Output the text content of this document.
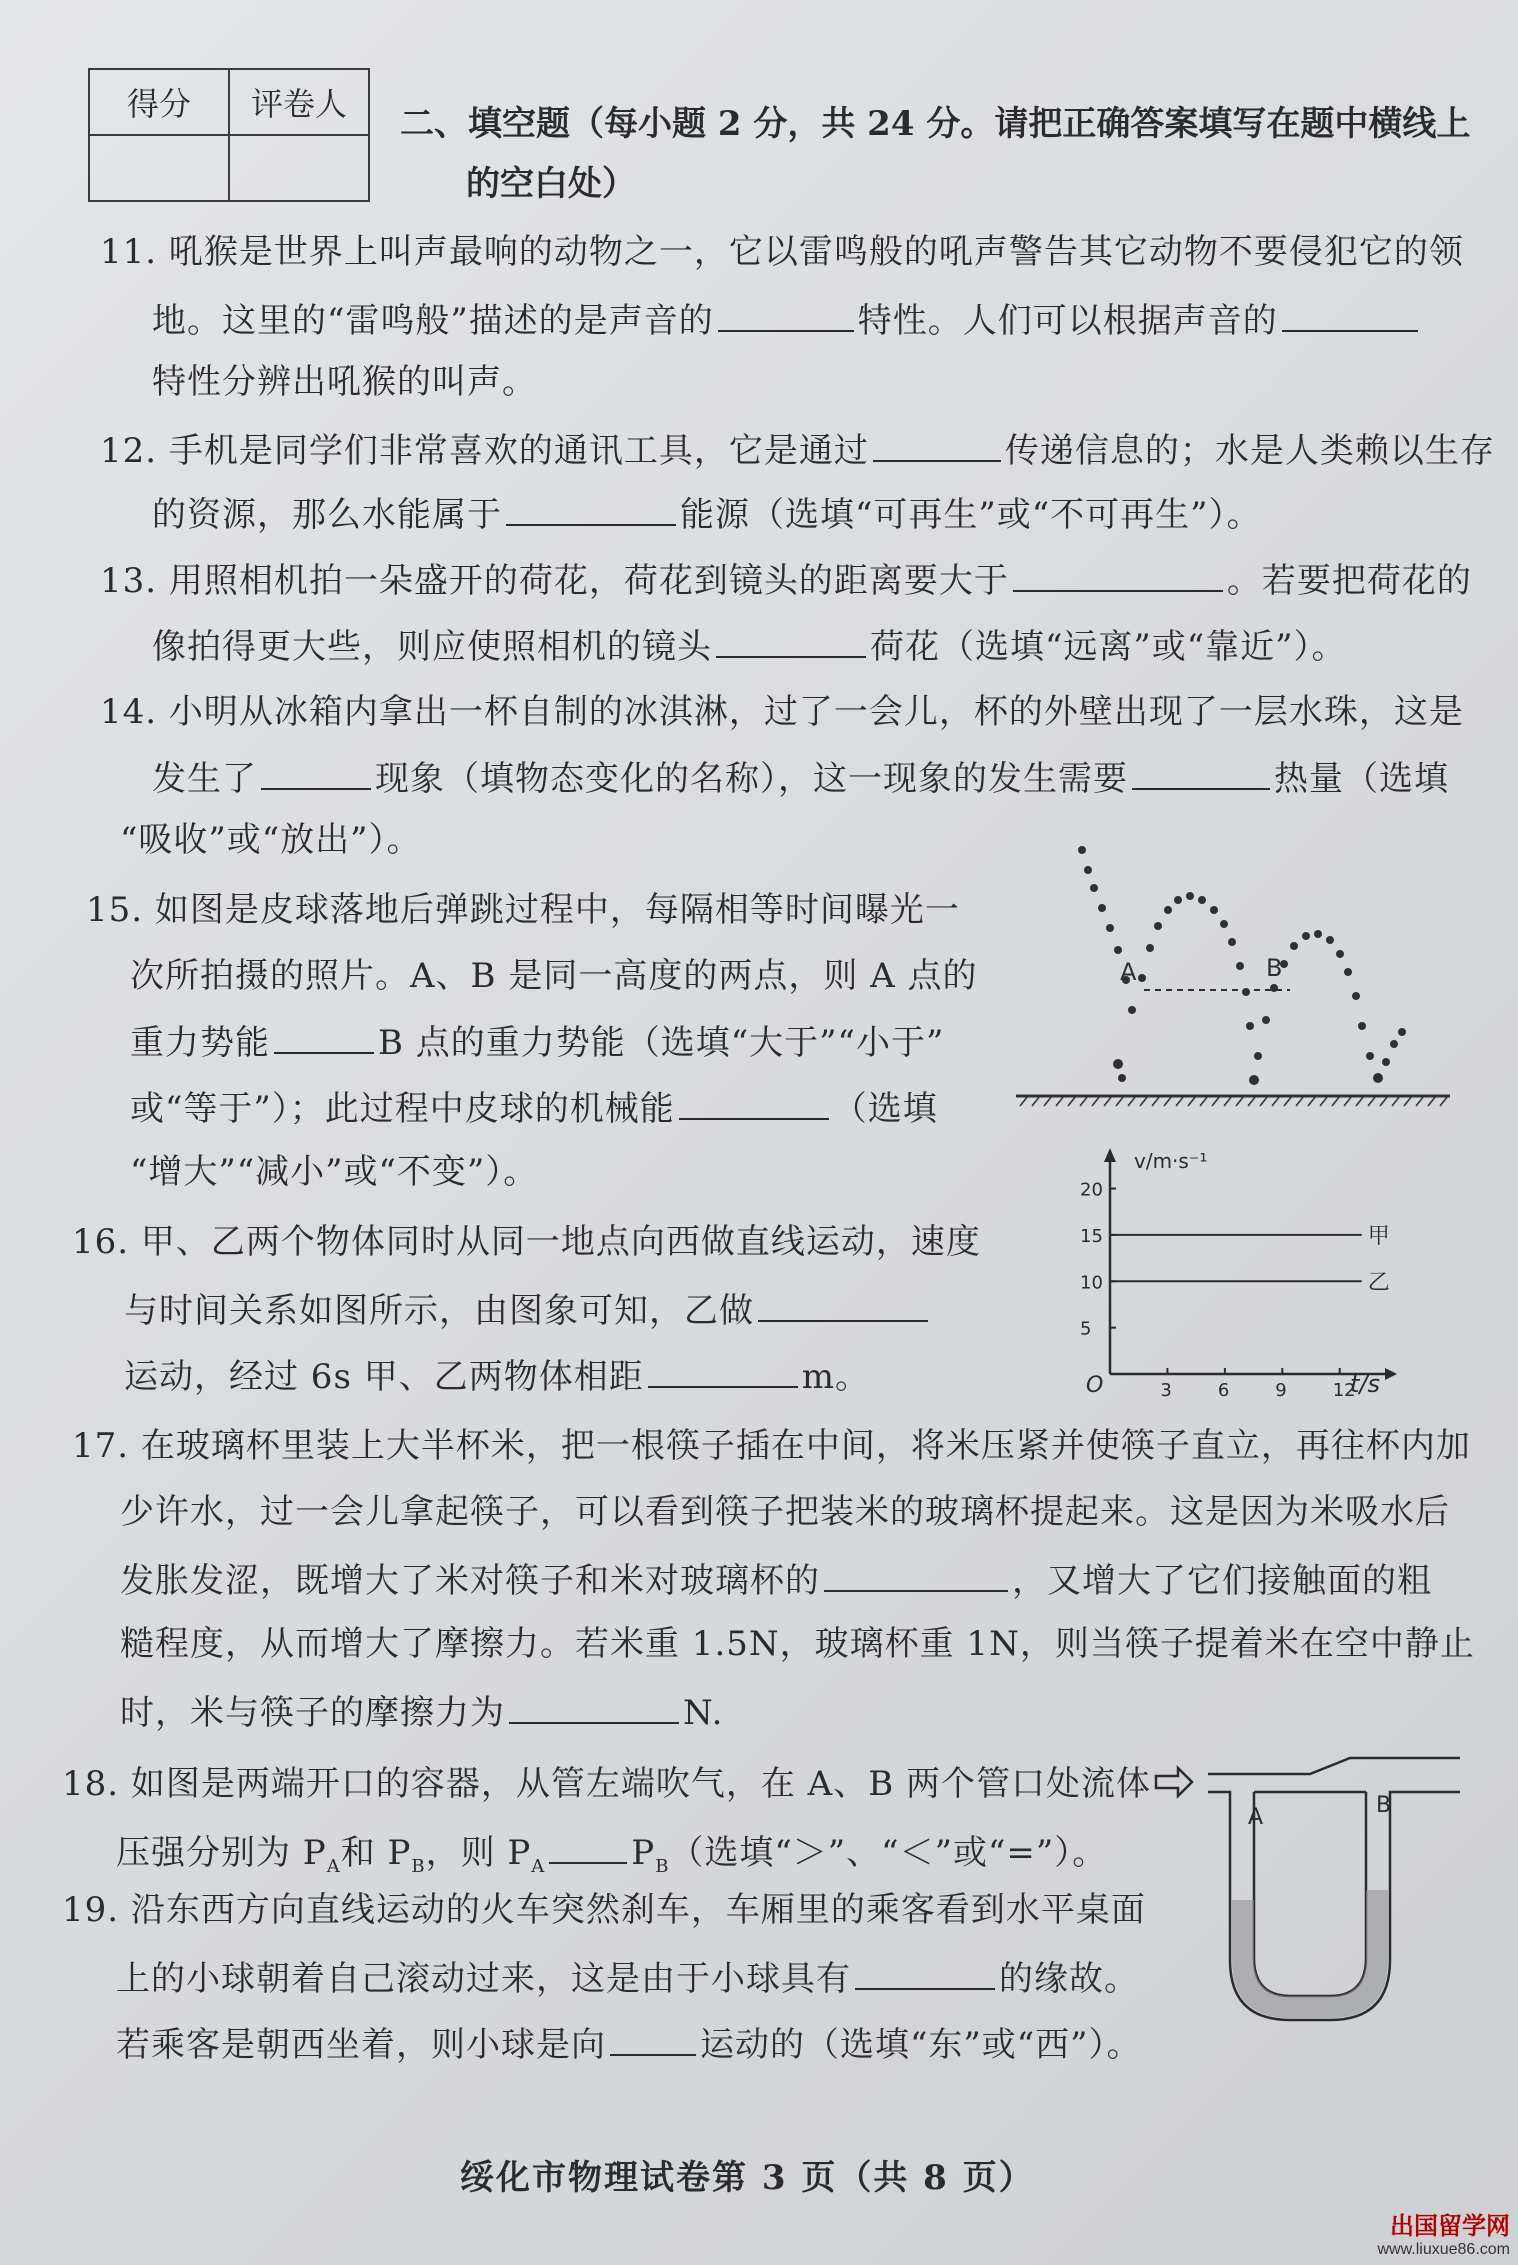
得分	评卷人
	二、填空题（每小题 2 分，共 24 分。请把正确答案填写在题中横线上
的空白处）
11. 吼猴是世界上叫声最响的动物之一，它以雷鸣般的吼声警告其它动物不要侵犯它的领
地。这里的“雷鸣般”描述的是声音的	特性。人们可以根据声音的
特性分辨出吼猴的叫声。
12. 手机是同学们非常喜欢的通讯工具，它是通过	传递信息的；水是人类赖以生存
的资源，那么水能属于	能源（选填“可再生”或“不可再生”）。
13. 用照相机拍一朵盛开的荷花，荷花到镜头的距离要大于	。若要把荷花的
像拍得更大些，则应使照相机的镜头	荷花（选填“远离”或“靠近”）。
14. 小明从冰箱内拿出一杯自制的冰淇淋，过了一会儿，杯的外壁出现了一层水珠，这是
发生了	现象（填物态变化的名称），这一现象的发生需要	热量（选填
“吸收”或“放出”）。
15. 如图是皮球落地后弹跳过程中，每隔相等时间曝光一
次所拍摄的照片。A、B 是同一高度的两点，则 A 点的
重力势能	B 点的重力势能（选填“大于”“小于”
或“等于”）；此过程中皮球的机械能	（选填
“增大”“减小”或“不变”）。
A	B
16. 甲、乙两个物体同时从同一地点向西做直线运动，速度
与时间关系如图所示，由图象可知，乙做
运动，经过 6s 甲、乙两物体相距	m。
v/m·s⁻¹
t/s
O	3	6	9	12
5
10
15
20
甲
乙
17. 在玻璃杯里装上大半杯米，把一根筷子插在中间，将米压紧并使筷子直立，再往杯内加
少许水，过一会儿拿起筷子，可以看到筷子把装米的玻璃杯提起来。这是因为米吸水后
发胀发涩，既增大了米对筷子和米对玻璃杯的	，又增大了它们接触面的粗
糙程度，从而增大了摩擦力。若米重 1.5N，玻璃杯重 1N，则当筷子提着米在空中静止
时，米与筷子的摩擦力为	N.
18. 如图是两端开口的容器，从管左端吹气，在 A、B 两个管口处流体
压强分别为 $P_A$和 $P_B$，则 $P_A$	$P_B$（选填“＞”、“＜”或“=”）。
A	B
19. 沿东西方向直线运动的火车突然刹车，车厢里的乘客看到水平桌面
上的小球朝着自己滚动过来，这是由于小球具有	的缘故。
若乘客是朝西坐着，则小球是向	运动的（选填“东”或“西”）。
绥化市物理试卷第 3 页（共 8 页）
出国留学网
www.liuxue86.com
